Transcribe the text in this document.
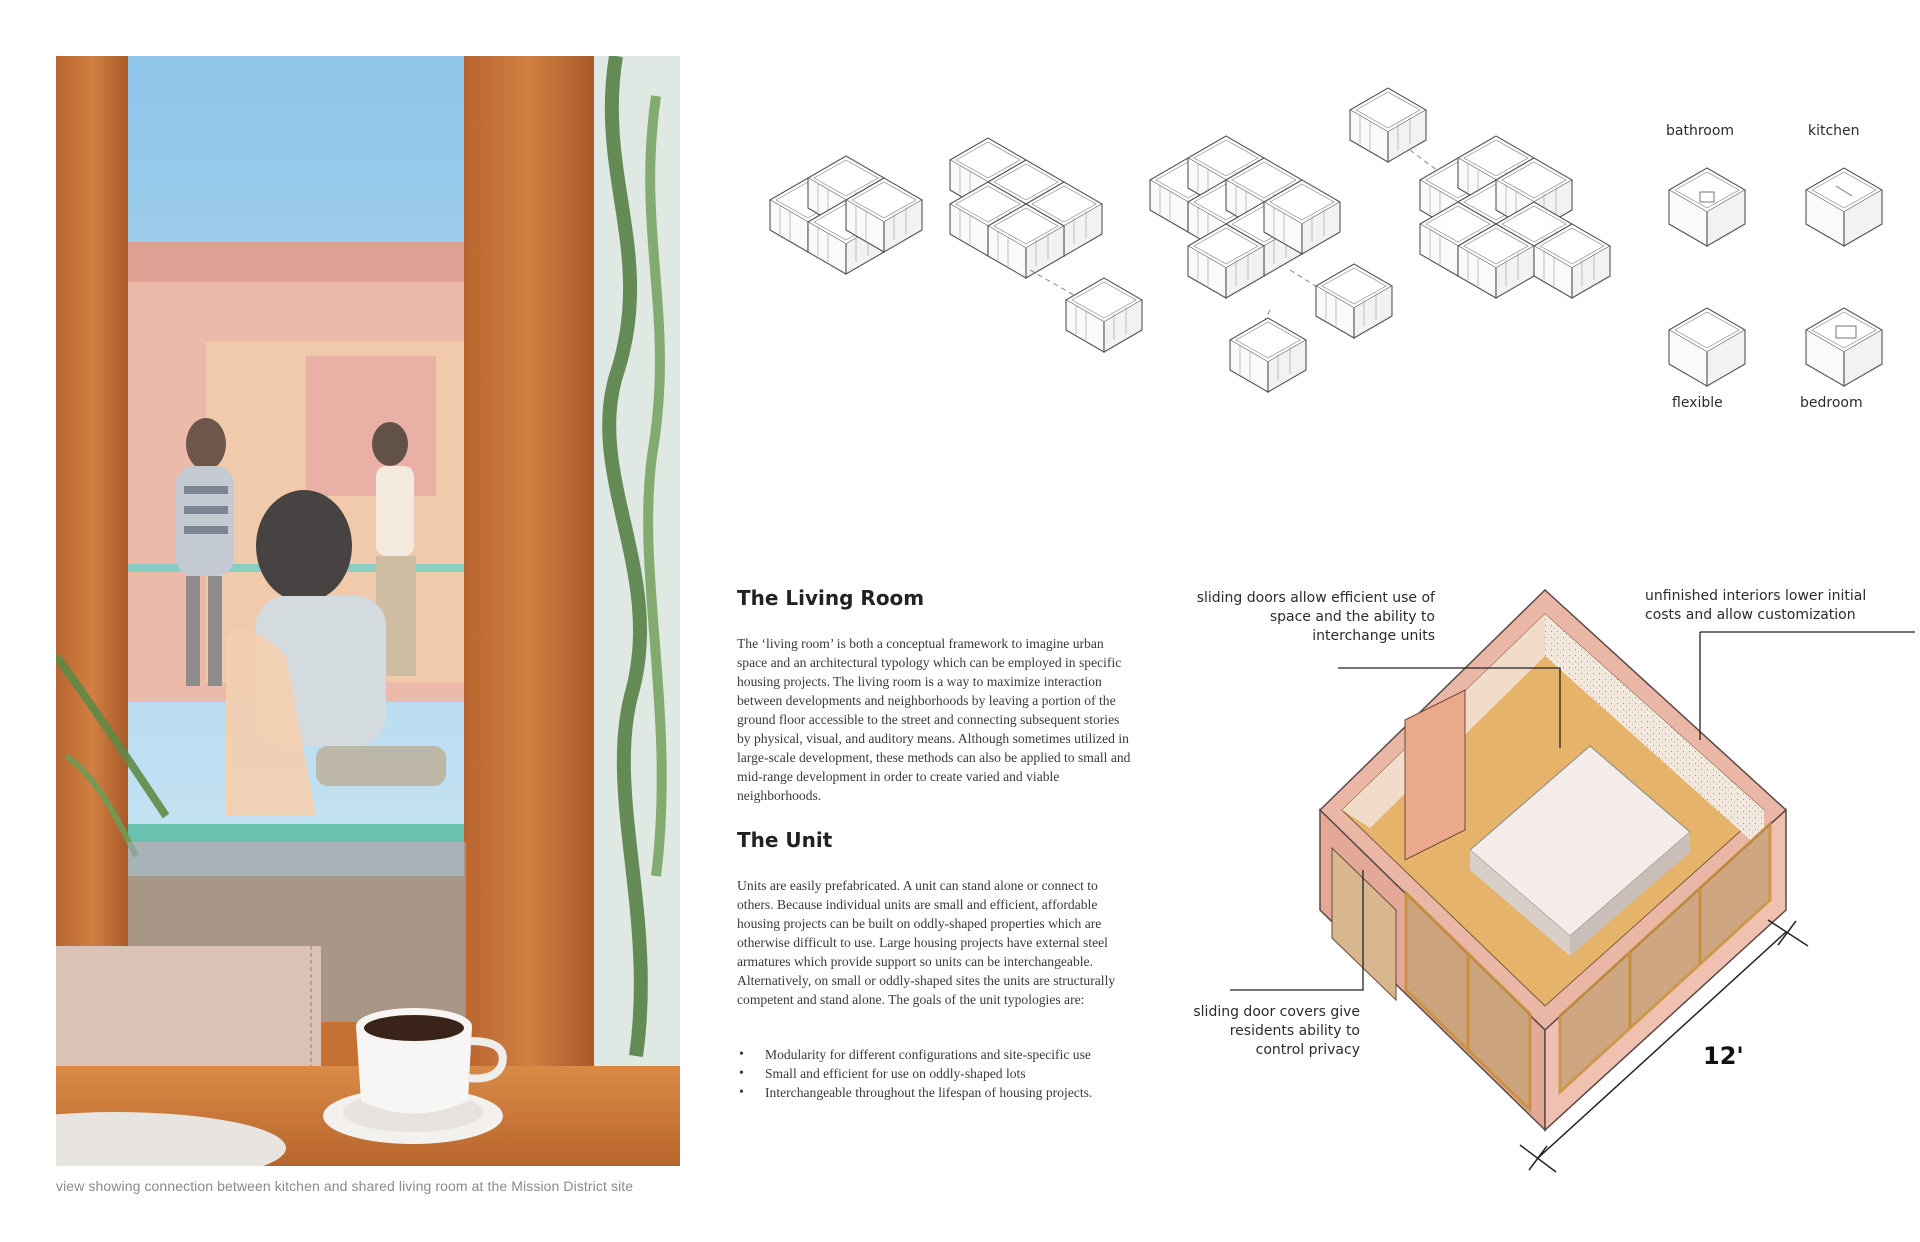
view showing connection between kitchen and shared living room at the Mission District site
bathroom	kitchen
flexible	bedroom
The Living Room
The ‘living room’ is both a conceptual framework to imagine urban space and an architectural typology which can be employed in specific housing projects. The living room is a way to maximize interaction between developments and neighborhoods by leaving a portion of the ground floor accessible to the street and connecting subsequent stories by physical, visual, and auditory means. Although sometimes utilized in large-scale development, these methods can also be applied to small and mid-range development in order to create varied and viable neighborhoods.
The Unit
Units are easily prefabricated. A unit can stand alone or connect to others. Because individual units are small and efficient, affordable housing projects can be built on oddly-shaped properties which are otherwise difficult to use. Large housing projects have external steel armatures which provide support so units can be interchangeable. Alternatively, on small or oddly-shaped sites the units are structurally competent and stand alone. The goals of the unit typologies are:
• Modularity for different configurations and site-specific use
• Small and efficient for use on oddly-shaped lots
• Interchangeable throughout the lifespan of housing projects.
sliding doors allow efficient use of space and the ability to interchange units
unfinished interiors lower initial costs and allow customization
sliding door covers give residents ability to control privacy	12'
